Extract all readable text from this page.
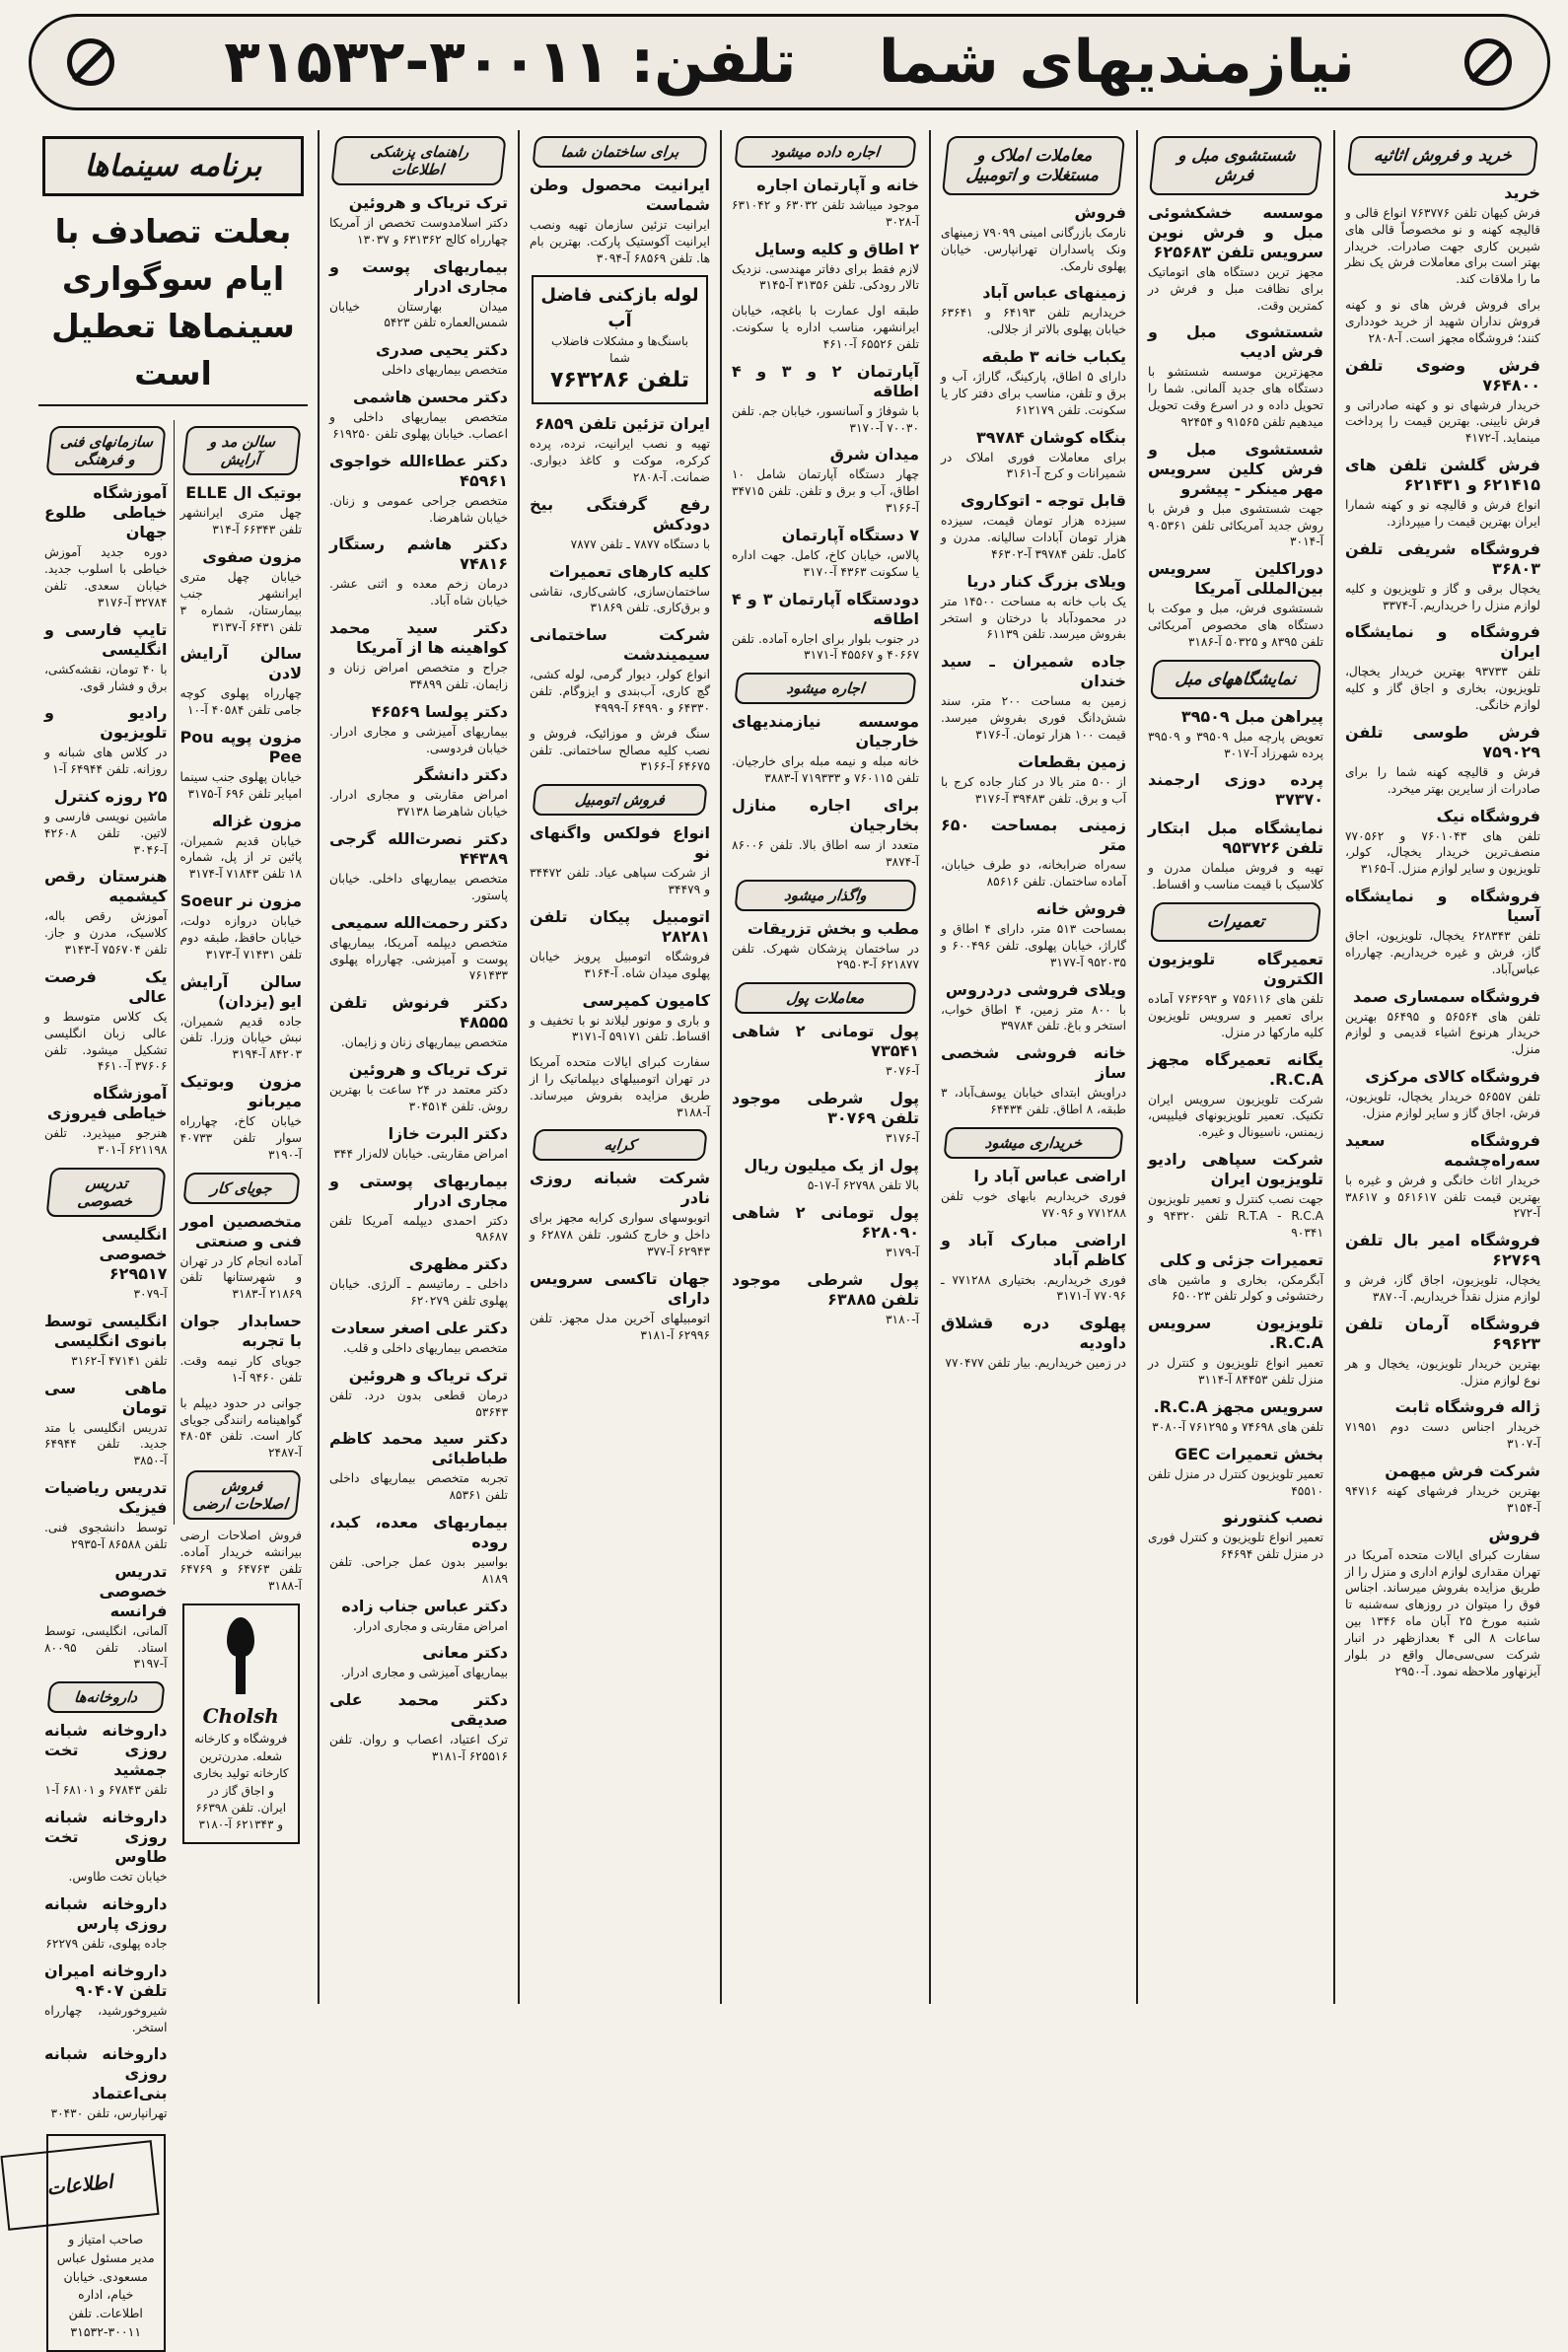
نیازمندیهای شما    تلفن: ۳۰۰۱۱-۳۱۵۳۲
خرید و فروش اثاثیه
خرید
فرش کیهان تلفن ۷۶۳۷۷۶ انواع قالی و قالیچه کهنه و نو مخصوصاً قالی های شیرین کاری جهت صادرات. خریدار بهتر است برای معاملات فرش یک نظر ما را ملاقات کند.
برای فروش فرش های نو و کهنه فروش نداران شهید از خرید خودداری کنند؛ فروشگاه مجهز است. آ-۲۸۰۸
فرش وضوی تلفن ۷۶۴۸۰۰
خریدار فرشهای نو و کهنه صادراتی و فرش نایینی. بهترین قیمت را پرداخت مینماید. آ-۴۱۷۲
فرش گلشن تلفن های ۶۲۱۴۱۵ و ۶۲۱۴۳۱
انواع فرش و قالیچه نو و کهنه شمارا ایران بهترین قیمت را میپردازد.
فروشگاه شریفی تلفن ۳۶۸۰۳
یخچال برقی و گاز و تلویزیون و کلیه لوازم منزل را خریداریم. آ-۳۳۷۴
فروشگاه و نمایشگاه ایران
تلفن ۹۳۷۳۳ بهترین خریدار یخچال، تلویزیون، بخاری و اجاق گاز و کلیه لوازم خانگی.
فرش طوسی تلفن ۷۵۹۰۲۹
فرش و قالیچه کهنه شما را برای صادرات از سایرین بهتر میخرد.
فروشگاه نیک
تلفن های ۷۶۰۱۰۴۳ و ۷۷۰۵۶۲ منصف‌ترین خریدار یخچال، کولر، تلویزیون و سایر لوازم منزل. آ-۳۱۶۵
فروشگاه و نمایشگاه آسیا
تلفن ۶۲۸۳۴۳ یخچال، تلویزیون، اجاق گاز، فرش و غیره خریداریم. چهارراه عباس‌آباد.
فروشگاه سمساری صمد
تلفن های ۵۶۵۶۴ و ۵۶۴۹۵ بهترین خریدار هرنوع اشیاء قدیمی و لوازم منزل.
فروشگاه کالای مرکزی
تلفن ۵۶۵۵۷ خریدار یخچال، تلویزیون، فرش، اجاق گاز و سایر لوازم منزل.
فروشگاه سعید سه‌راه‌چشمه
خریدار اثاث خانگی و فرش و غیره با بهترین قیمت تلفن ۵۶۱۶۱۷ و ۳۸۶۱۷ آ-۲۷۲
فروشگاه امیر بال تلفن ۶۲۷۶۹
یخچال، تلویزیون، اجاق گاز، فرش و لوازم منزل نقداً خریداریم. آ-۳۸۷۰
فروشگاه آرمان تلفن ۶۹۶۲۳
بهترین خریدار تلویزیون، یخچال و هر نوع لوازم منزل.
ژاله فروشگاه ثابت
خریدار اجناس دست دوم ۷۱۹۵۱ آ-۳۱۰۷
شرکت فرش میهمن
بهترین خریدار فرشهای کهنه ۹۴۷۱۶ آ-۳۱۵۴
فروش
سفارت کبرای ایالات متحده آمریکا در تهران مقداری لوازم اداری و منزل را از طریق مزایده بفروش میرساند. اجناس فوق را میتوان در روزهای سه‌شنبه تا شنبه مورخ ۲۵ آبان ماه ۱۳۴۶ بین ساعات ۸ الی ۴ بعدازظهر در انبار شرکت سی‌سی‌مال واقع در بلوار آیزنهاور ملاحظه نمود. آ-۲۹۵۰
شستشوی مبل و فرش
موسسه خشکشوئی مبل و فرش نوین سرویس تلفن ۶۲۵۶۸۳
مجهز ترین دستگاه های اتوماتیک برای نظافت مبل و فرش در کمترین وقت.
شستشوی مبل و فرش ادیب
مجهزترین موسسه شستشو با دستگاه های جدید آلمانی. شما را تحویل داده و در اسرع وقت تحویل میدهیم تلفن ۹۱۵۶۵ و ۹۲۴۵۴
شستشوی مبل و فرش کلین سرویس مهر مینکر - پیشرو
جهت شستشوی مبل و فرش با روش جدید آمریکائی تلفن ۹۰۵۳۶۱ آ-۳۰۱۴
دوراکلین سرویس بین‌المللی آمریکا
شستشوی فرش، مبل و موکت با دستگاه های مخصوص آمریکائی تلفن ۸۳۹۵ و ۵۰۳۲۵ آ-۳۱۸۶
نمایشگاههای مبل
پیراهن مبل ۳۹۵۰۹
تعویض پارچه مبل ۳۹۵۰۹ و ۳۹۵۰۹ پرده شهرزاد آ-۳۰۱۷
پرده دوزی ارجمند ۳۷۳۷۰
نمایشگاه مبل ابتکار تلفن ۹۵۳۷۲۶
تهیه و فروش مبلمان مدرن و کلاسیک با قیمت مناسب و اقساط.
تعمیرات
تعمیرگاه تلویزیون الکترون
تلفن های ۷۵۶۱۱۶ و ۷۶۳۶۹۳ آماده برای تعمیر و سرویس تلویزیون کلیه مارکها در منزل.
یگانه تعمیرگاه مجهز R.C.A.
شرکت تلویزیون سرویس ایران تکنیک. تعمیر تلویزیونهای فیلیپس، زیمنس، ناسیونال و غیره.
شرکت سپاهی رادیو تلویزیون ایران
جهت نصب کنترل و تعمیر تلویزیون R.T.A - R.C.A تلفن ۹۴۳۲۰ و ۹۰۳۴۱
تعمیرات جزئی و کلی
آبگرمکن، بخاری و ماشین های رختشوئی و کولر تلفن ۶۵۰۰۲۳
تلویزیون سرویس R.C.A.
تعمیر انواع تلویزیون و کنترل در منزل تلفن ۸۴۴۵۳ آ-۳۱۱۴
سرویس مجهز R.C.A.
تلفن های ۷۴۶۹۸ و ۷۶۱۲۹۵ آ-۳۰۸۰
بخش تعمیرات GEC
تعمیر تلویزیون کنترل در منزل تلفن ۴۵۵۱۰
نصب کنتورنو
تعمیر انواع تلویزیون و کنترل فوری در منزل تلفن ۶۴۶۹۴
معاملات املاک و مستغلات و اتومبیل
فروش
نارمک بازرگانی امینی ۷۹۰۹۹ زمینهای ونک پاسداران تهرانپارس. خیابان پهلوی نارمک.
زمینهای عباس آباد
خریداریم تلفن ۶۴۱۹۳ و ۶۳۶۴۱ خیابان پهلوی بالاتر از جلالی.
یکباب خانه ۳ طبقه
دارای ۵ اطاق، پارکینگ، گاراژ، آب و برق و تلفن، مناسب برای دفتر کار یا سکونت. تلفن ۶۱۲۱۷۹
بنگاه کوشان ۳۹۷۸۴
برای معاملات فوری املاک در شمیرانات و کرج آ-۳۱۶۱
قابل توجه - اتوکاروی
سیزده هزار تومان قیمت، سیزده هزار تومان آبادات سالیانه. مدرن و کامل. تلفن ۳۹۷۸۴ آ-۴۶۳۰۲
ویلای بزرگ کنار دریا
یک باب خانه به مساحت ۱۴۵۰۰ متر در محمودآباد با درختان و استخر بفروش میرسد. تلفن ۶۱۱۳۹
جاده شمیران ـ سید خندان
زمین به مساحت ۲۰۰ متر، سند شش‌دانگ فوری بفروش میرسد. قیمت ۱۰۰ هزار تومان. آ-۳۱۷۶
زمین بقطعات
از ۵۰۰ متر بالا در کنار جاده کرج با آب و برق. تلفن ۳۹۴۸۳ آ-۳۱۷۶
زمینی بمساحت ۶۵۰ متر
سه‌راه ضرابخانه، دو طرف خیابان، آماده ساختمان. تلفن ۸۵۶۱۶
فروش خانه
بمساحت ۵۱۳ متر، دارای ۴ اطاق و گاراژ، خیابان پهلوی. تلفن ۶۰۰۴۹۶ و ۹۵۲۰۳۵ آ-۳۱۷۷
ویلای فروشی دردروس
با ۸۰۰ متر زمین، ۴ اطاق خواب، استخر و باغ. تلفن ۳۹۷۸۴
خانه فروشی شخصی ساز
دراویش ابتدای خیابان یوسف‌آباد، ۳ طبقه، ۸ اطاق. تلفن ۶۴۴۳۴
خریداری میشود
اراضی عباس آباد را
فوری خریداریم بابهای خوب تلفن ۷۷۱۲۸۸ و ۷۷۰۹۶
اراضی مبارک آباد و کاظم آباد
فوری خریداریم. بختیاری ۷۷۱۲۸۸ ـ ۷۷۰۹۶ آ-۳۱۷۱
پهلوی دره قشلاق داودیه
در زمین خریداریم. بیار تلفن ۷۷۰۴۷۷
اجاره داده میشود
خانه و آپارتمان اجاره
موجود میباشد تلفن ۶۳۰۳۲ و ۶۳۱۰۴۲ آ-۳۰۲۸
۲ اطاق و کلیه وسایل
لازم فقط برای دفاتر مهندسی. نزدیک تالار رودکی. تلفن ۳۱۳۵۶ آ-۳۱۴۵
طبقه اول عمارت با باغچه، خیابان ایرانشهر، مناسب اداره یا سکونت. تلفن ۶۵۵۲۶ آ-۴۶۱۰
آپارتمان ۲ و ۳ و ۴ اطاقه
با شوفاژ و آسانسور، خیابان جم. تلفن ۷۰۰۳۰ آ-۳۱۷۰
میدان شرق
چهار دستگاه آپارتمان شامل ۱۰ اطاق، آب و برق و تلفن. تلفن ۳۴۷۱۵ آ-۳۱۶۶
۷ دستگاه آپارتمان
پالاس، خیابان کاخ، کامل. جهت اداره یا سکونت ۴۳۶۳ آ-۳۱۷۰
دودستگاه آپارتمان ۳ و ۴ اطاقه
در جنوب بلوار برای اجاره آماده. تلفن ۴۰۶۶۷ و ۴۵۵۶۷ آ-۳۱۷۱
اجاره میشود
موسسه نیازمندیهای خارجیان
خانه مبله و نیمه مبله برای خارجیان. تلفن ۷۶۰۱۱۵ و ۷۱۹۳۳۳ آ-۳۸۸۳
برای اجاره منازل بخارجیان
متعدد از سه اطاق بالا. تلفن ۸۶۰۰۶ آ-۳۸۷۴
واگذار میشود
مطب و بخش تزریقات
در ساختمان پزشکان شهرک. تلفن ۶۲۱۸۷۷ آ-۲۹۵۰۳
معاملات پول
پول تومانی ۲ شاهی ۷۳۵۴۱
آ-۳۰۷۶
پول شرطی موجود تلفن ۳۰۷۶۹
آ-۳۱۷۶
پول از یک میلیون ریال
بالا تلفن ۶۲۷۹۸ آ-۱۷-۵
پول تومانی ۲ شاهی ۶۲۸۰۹۰
آ-۳۱۷۹
پول شرطی موجود تلفن ۶۳۸۸۵
آ-۳۱۸۰
برای ساختمان شما
ایرانیت محصول وطن شماست
ایرانیت تزئین سازمان تهیه ونصب ایرانیت آکوستیک پارکت. بهترین بام ها. تلفن ۶۸۵۶۹ آ-۳۰۹۴
لوله بازکنی فاضل آب
باسنگ‌ها و مشکلات فاضلاب شما
تلفن ۷۶۳۲۸۶
ایران تزئین تلفن ۶۸۵۹
تهیه و نصب ایرانیت، نرده، پرده کرکره، موکت و کاغذ دیواری. ضمانت. آ-۲۸۰۸
رفع گرفتگی بیخ دودکش
با دستگاه ۷۸۷۷ ـ تلفن ۷۸۷۷
کلیه کارهای تعمیرات
ساختمان‌سازی، کاشی‌کاری، نقاشی و برق‌کاری. تلفن ۳۱۸۶۹
شرکت ساختمانی سیمیندشت
انواع کولر، دیوار گرمی، لوله کشی، گچ کاری، آب‌بندی و ایزوگام. تلفن ۶۴۳۳۰ و ۶۴۹۹۰ آ-۴۹۹۹
سنگ فرش و موزائیک، فروش و نصب کلیه مصالح ساختمانی. تلفن ۶۴۶۷۵ آ-۳۱۶۶
فروش اتومبیل
انواع فولکس واگنهای نو
از شرکت سپاهی عیاد. تلفن ۳۴۴۷۲ و ۳۴۴۷۹
اتومبیل پیکان تلفن ۲۸۲۸۱
فروشگاه اتومبیل پرویز خیابان پهلوی میدان شاه. آ-۳۱۶۴
کامیون کمپرسی
و باری و مونور لیلاند نو با تخفیف و اقساط. تلفن ۵۹۱۷۱ آ-۳۱۷۱
سفارت کبرای ایالات متحده آمریکا در تهران اتومبیلهای دیپلماتیک را از طریق مزایده بفروش میرساند. آ-۳۱۸۸
کرایه
شرکت شبانه روزی نادر
اتوبوسهای سواری کرایه مجهز برای داخل و خارج کشور. تلفن ۶۲۸۷۸ و ۶۲۹۴۳ آ-۳۷۷
جهان تاکسی سرویس دارای
اتومبیلهای آخرین مدل مجهز. تلفن ۶۲۹۹۶ آ-۳۱۸۱
راهنمای پزشکی اطلاعات
ترک تریاک و هروئین
دکتر اسلامدوست تخصص از آمریکا چهارراه کالج ۶۳۱۳۶۲ و ۱۳۰۳۷
بیماریهای پوست و مجاری ادرار
میدان بهارستان خیابان شمس‌العماره تلفن ۵۴۲۳
دکتر یحیی صدری
متخصص بیماریهای داخلی
دکتر محسن هاشمی
متخصص بیماریهای داخلی و اعصاب. خیابان پهلوی تلفن ۶۱۹۲۵۰
دکتر عطاءالله خواجوی ۴۵۹۶۱
متخصص جراحی عمومی و زنان. خیابان شاهرضا.
دکتر هاشم رستگار ۷۴۸۱۶
درمان زخم معده و اثنی عشر. خیابان شاه آباد.
دکتر سید محمد کواهینه ها از آمریکا
جراح و متخصص امراض زنان و زایمان. تلفن ۳۴۸۹۹
دکتر پولسا ۴۶۵۶۹
بیماریهای آمیزشی و مجاری ادرار. خیابان فردوسی.
دکتر دانشگر
امراض مقاربتی و مجاری ادرار. خیابان شاهرضا ۳۷۱۳۸
دکتر نصرت‌الله گرجی ۴۴۳۸۹
متخصص بیماریهای داخلی. خیابان پاستور.
دکتر رحمت‌الله سمیعی
متخصص دیپلمه آمریکا، بیماریهای پوست و آمیزشی. چهارراه پهلوی ۷۶۱۴۳۳
دکتر فرنوش تلفن ۴۸۵۵۵
متخصص بیماریهای زنان و زایمان.
ترک تریاک و هروئین
دکتر معتمد در ۲۴ ساعت با بهترین روش. تلفن ۳۰۴۵۱۴
دکتر البرت خازا
امراض مقاربتی. خیابان لاله‌زار ۳۴۴
بیماریهای پوستی و مجاری ادرار
دکتر احمدی دیپلمه آمریکا تلفن ۹۸۶۸۷
دکتر مظهری
داخلی ـ رماتیسم ـ آلرژی. خیابان پهلوی تلفن ۶۲۰۲۷۹
دکتر علی اصغر سعادت
متخصص بیماریهای داخلی و قلب.
ترک تریاک و هروئین
درمان قطعی بدون درد. تلفن ۵۳۶۴۳
دکتر سید محمد کاظم طباطبائی
تجربه متخصص بیماریهای داخلی تلفن ۸۵۳۶۱
بیماریهای معده، کبد، روده
بواسیر بدون عمل جراحی. تلفن ۸۱۸۹
دکتر عباس جناب زاده
امراض مقاربتی و مجاری ادرار.
دکتر معانی
بیماریهای آمیزشی و مجاری ادرار.
دکتر محمد علی صدیقی
ترک اعتیاد، اعصاب و روان. تلفن ۶۲۵۵۱۶ آ-۳۱۸۱
برنامه سینماها
بعلت تصادف با ایام سوگواری سینماها تعطیل است
سالن مد و آرایش
بوتیک ال ELLE
چهل متری ایرانشهر تلفن ۶۶۳۴۳ آ-۳۱۴
مزون صفوی
خیابان چهل متری ایرانشهر جنب بیمارستان، شماره ۳ تلفن ۶۴۳۱ آ-۳۱۳۷
سالن آرایش لادن
چهارراه پهلوی کوچه جامی تلفن ۴۰۵۸۴ آ-۱۰
مزون پوپه Pou Pee
خیابان پهلوی جنب سینما امپایر تلفن ۶۹۶ آ-۳۱۷۵
مزون غزاله
خیابان قدیم شمیران، پائین تر از پل، شماره ۱۸ تلفن ۷۱۸۴۳ آ-۳۱۷۴
مزون نر Soeur
خیابان دروازه دولت، خیابان حافظ، طبقه دوم تلفن ۷۱۴۳۱ آ-۳۱۷۳
سالن آرایش ایو (یزدان)
جاده قدیم شمیران، نبش خیابان وزرا. تلفن ۸۴۲۰۳ آ-۳۱۹۴
مزون وبوتیک میربانو
خیابان کاخ، چهارراه سوار تلفن ۴۰۷۳۳ آ-۳۱۹۰
جویای کار
متخصصین امور فنی و صنعتی
آماده انجام کار در تهران و شهرستانها تلفن ۲۱۸۶۹ آ-۳۱۸۳
حسابدار جوان با تجربه
جویای کار نیمه وقت. تلفن ۹۴۶۰ آ-۱
جوانی در حدود دیپلم با گواهینامه رانندگی جویای کار است. تلفن ۴۸۰۵۴ آ-۲۴۸۷
فروش اصلاحات ارضی
فروش اصلاحات ارضی بیرانشه خریدار آماده. تلفن ۶۴۷۶۳ و ۶۴۷۶۹ آ-۳۱۸۸
Cholsh
فروشگاه و کارخانه شعله. مدرن‌ترین کارخانه تولید بخاری و اجاق گاز در ایران. تلفن ۶۶۳۹۸ و ۶۲۱۳۴۳ آ-۳۱۸۰
سازمانهای فنی و فرهنگی
آموزشگاه خیاطی طلوع جهان
دوره جدید آموزش خیاطی با اسلوب جدید. خیابان سعدی. تلفن ۳۲۷۸۴ آ-۳۱۷۶
تایپ فارسی و انگلیسی
با ۴۰ تومان، نقشه‌کشی، برق و فشار قوی.
رادیو و تلویزیون
در کلاس های شبانه و روزانه. تلفن ۶۴۹۴۴ آ-۱
۲۵ روزه کنترل
ماشین نویسی فارسی و لاتین. تلفن ۴۲۶۰۸ آ-۳۰۴۶
هنرستان رقص کیشمیه
آموزش رقص باله، کلاسیک، مدرن و جاز. تلفن ۷۵۶۷۰۴ آ-۳۱۴۳
یک فرصت عالی
یک کلاس متوسط و عالی زبان انگلیسی تشکیل میشود. تلفن ۳۷۶۰۶ آ-۴۶۱۰
آموزشگاه خیاطی فیروزی
هنرجو میپذیرد. تلفن ۶۲۱۱۹۸ آ-۳۰۱
تدریس خصوصی
انگلیسی خصوصی ۶۲۹۵۱۷
آ-۳۰۷۹
انگلیسی توسط بانوی انگلیسی
تلفن ۴۷۱۴۱ آ-۳۱۶۲
ماهی سی تومان
تدریس انگلیسی با متد جدید. تلفن ۶۴۹۴۴ آ-۳۸۵۰
تدریس ریاضیات فیزیک
توسط دانشجوی فنی. تلفن ۸۶۵۸۸ آ-۲۹۳۵
تدریس خصوصی فرانسه
آلمانی، انگلیسی، توسط استاد. تلفن ۸۰۰۹۵ آ-۳۱۹۷
داروخانه‌ها
داروخانه شبانه روزی تخت جمشید
تلفن ۶۷۸۴۳ و ۶۸۱۰۱ آ-۱
داروخانه شبانه روزی تخت طاوس
خیابان تخت طاوس.
داروخانه شبانه روزی پارس
جاده پهلوی، تلفن ۶۲۲۷۹
داروخانه امیران تلفن ۹۰۴۰۷
شیروخورشید، چهارراه استخر.
داروخانه شبانه روزی بنی‌اعتماد
تهرانپارس، تلفن ۳۰۴۳۰
اطلاعات
صاحب امتیاز و مدیر مسئول عباس مسعودی. خیابان خیام، اداره اطلاعات. تلفن ۳۰۰۱۱-۳۱۵۳۲
